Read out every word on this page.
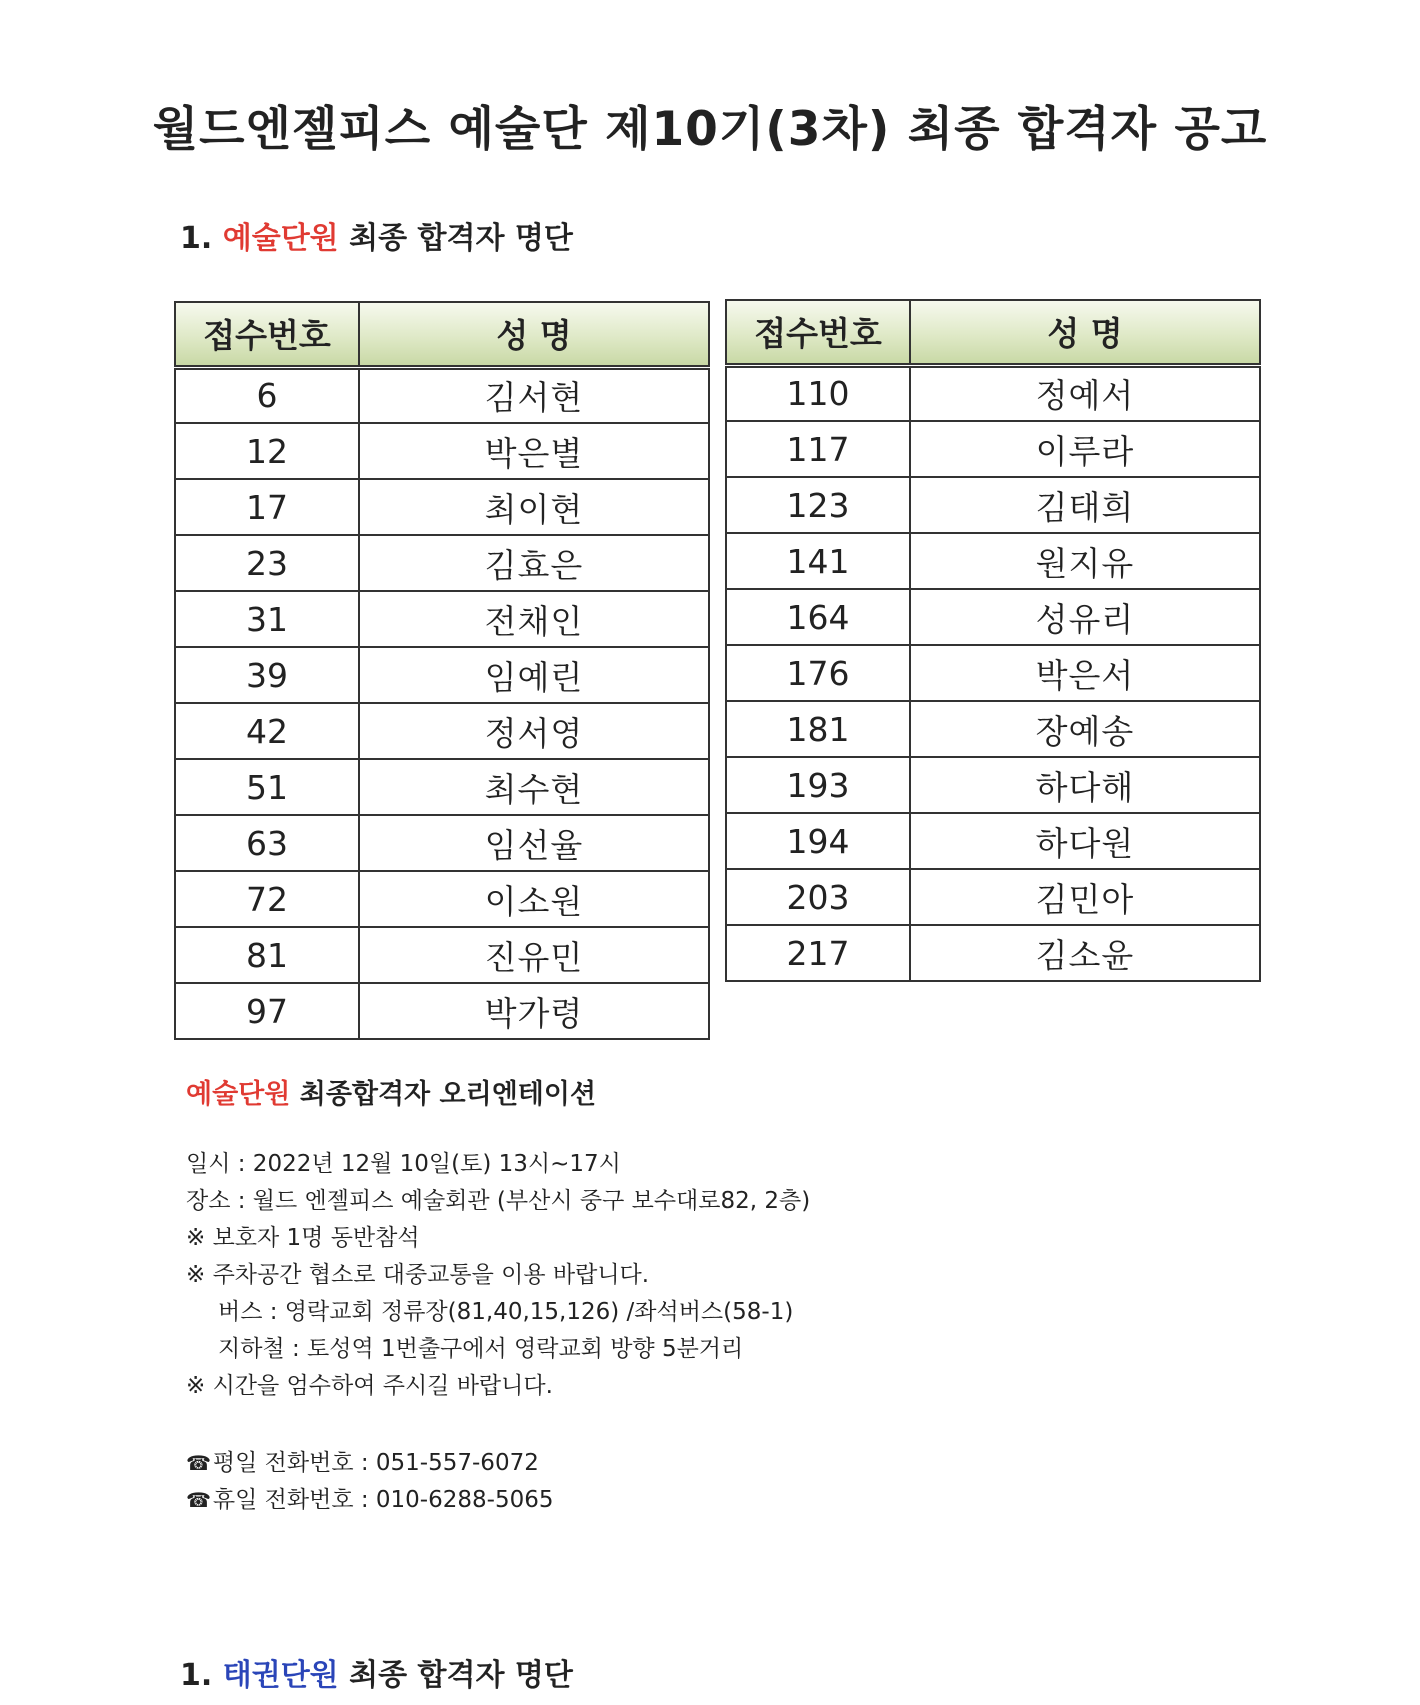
월드엔젤피스 예술단 제10기(3차) 최종 합격자 공고
1. 예술단원 최종 합격자 명단
접수번호	성 명
6	김서현
12	박은별
17	최이현
23	김효은
31	전채인
39	임예린
42	정서영
51	최수현
63	임선율
72	이소원
81	진유민
97	박가령
접수번호	성 명
110	정예서
117	이루라
123	김태희
141	원지유
164	성유리
176	박은서
181	장예송
193	하다해
194	하다원
203	김민아
217	김소윤
예술단원 최종합격자 오리엔테이션
일시 : 2022년 12월 10일(토) 13시~17시
장소 : 월드 엔젤피스 예술회관 (부산시 중구 보수대로82, 2층)
※ 보호자 1명 동반참석
※ 주차공간 협소로 대중교통을 이용 바랍니다.
버스 : 영락교회 정류장(81,40,15,126) /좌석버스(58-1)
지하철 : 토성역 1번출구에서 영락교회 방향 5분거리
※ 시간을 엄수하여 주시길 바랍니다.
☎평일 전화번호 : 051-557-6072
☎휴일 전화번호 : 010-6288-5065
1. 태권단원 최종 합격자 명단
